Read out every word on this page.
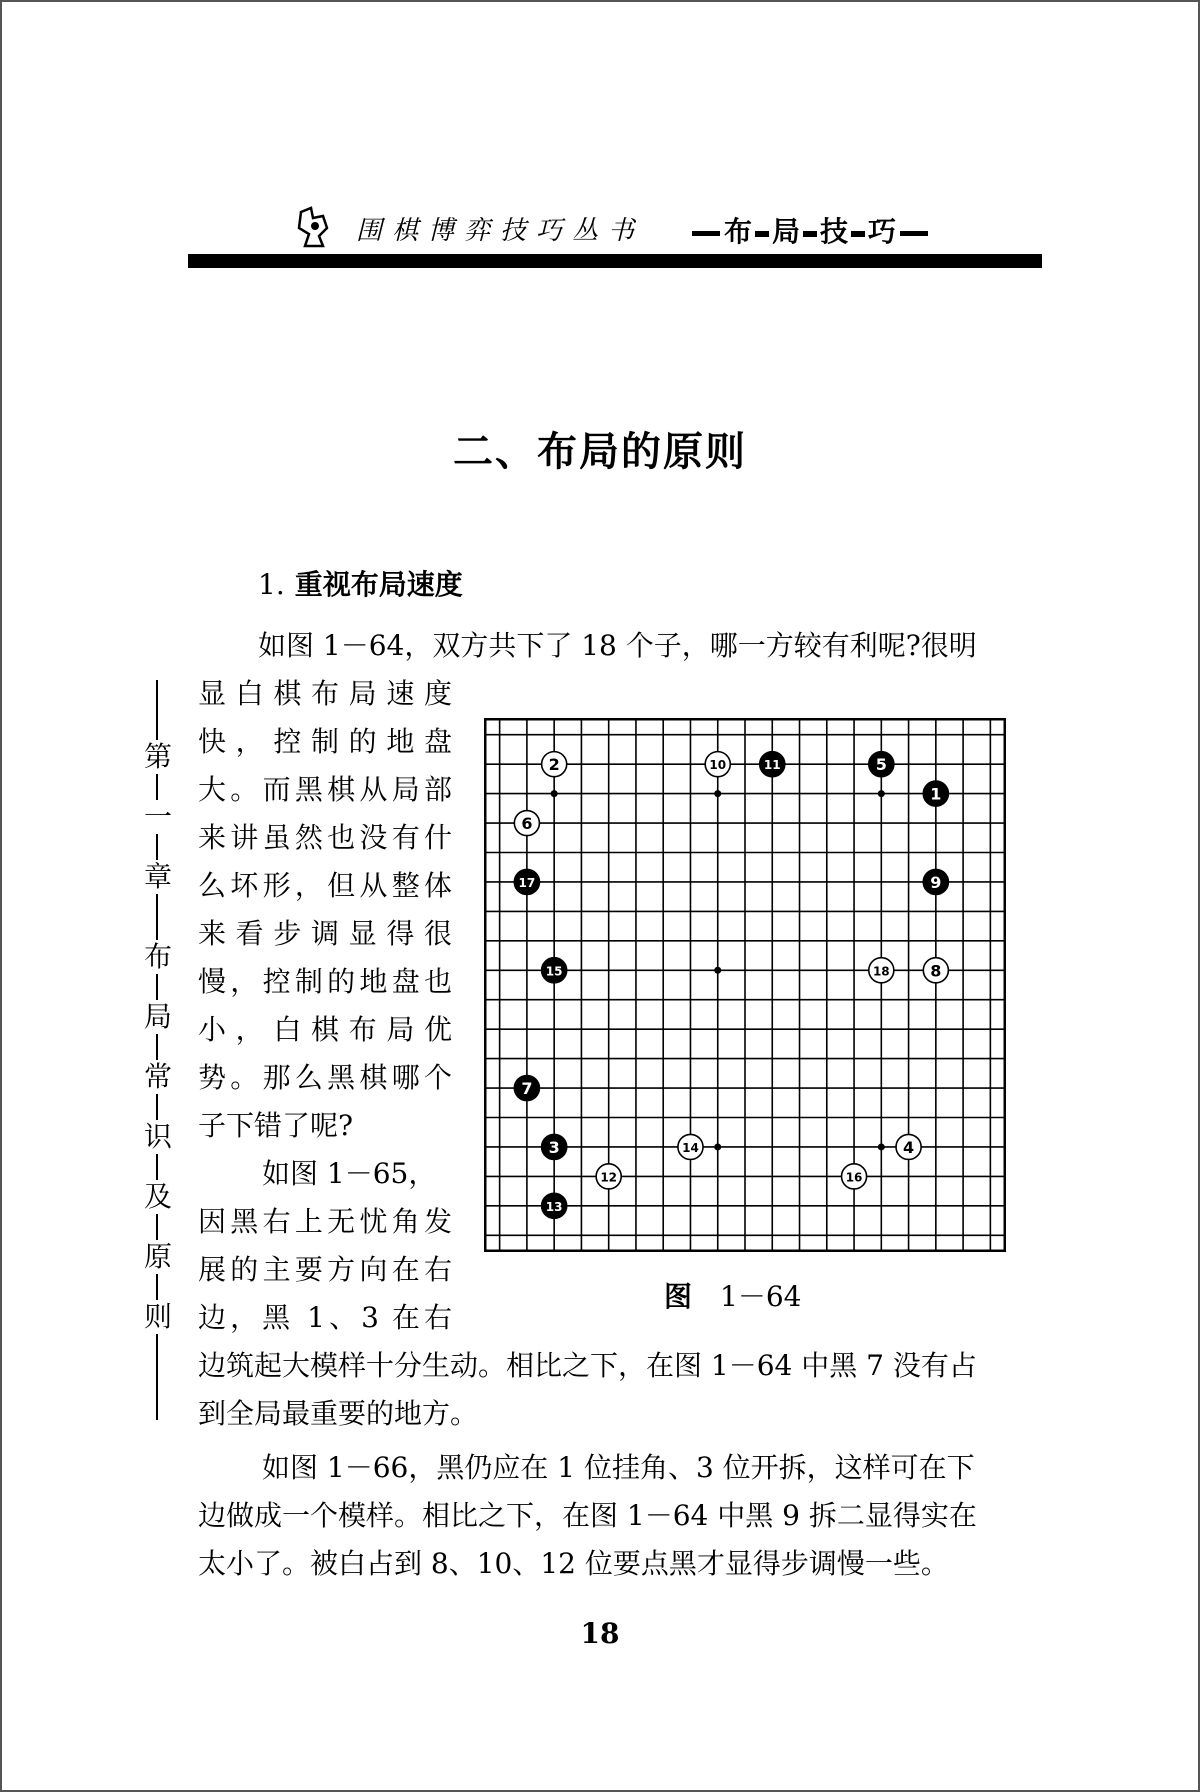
围棋博弈技巧丛书	布 局 技 巧
二、布局的原则
1. 重视布局速度
如图 1－64，双方共下了 18 个子，哪一方较有利呢?很明
显白棋布局速度
快，控制的地盘
大。而黑棋从局部
来讲虽然也没有什
么坏形，但从整体
来看步调显得很
慢，控制的地盘也
小，白棋布局优
势。那么黑棋哪个
子下错了呢?
如图 1－65，
因黑右上无忧角发
展的主要方向在右
边，黑 1、3 在右
边筑起大模样十分生动。相比之下，在图 1－64 中黑 7 没有占
到全局最重要的地方。
如图 1－66，黑仍应在 1 位挂角、3 位开拆，这样可在下
边做成一个模样。相比之下，在图 1－64 中黑 9 拆二显得实在
太小了。被白占到 8、10、12 位要点黑才显得步调慢一些。
第
一
章
布
局
常
识
及
原
则
1
2
3	4
5
6
7
8
9
10	11
12
13
14
15
16
17
18
图 1－64
18
